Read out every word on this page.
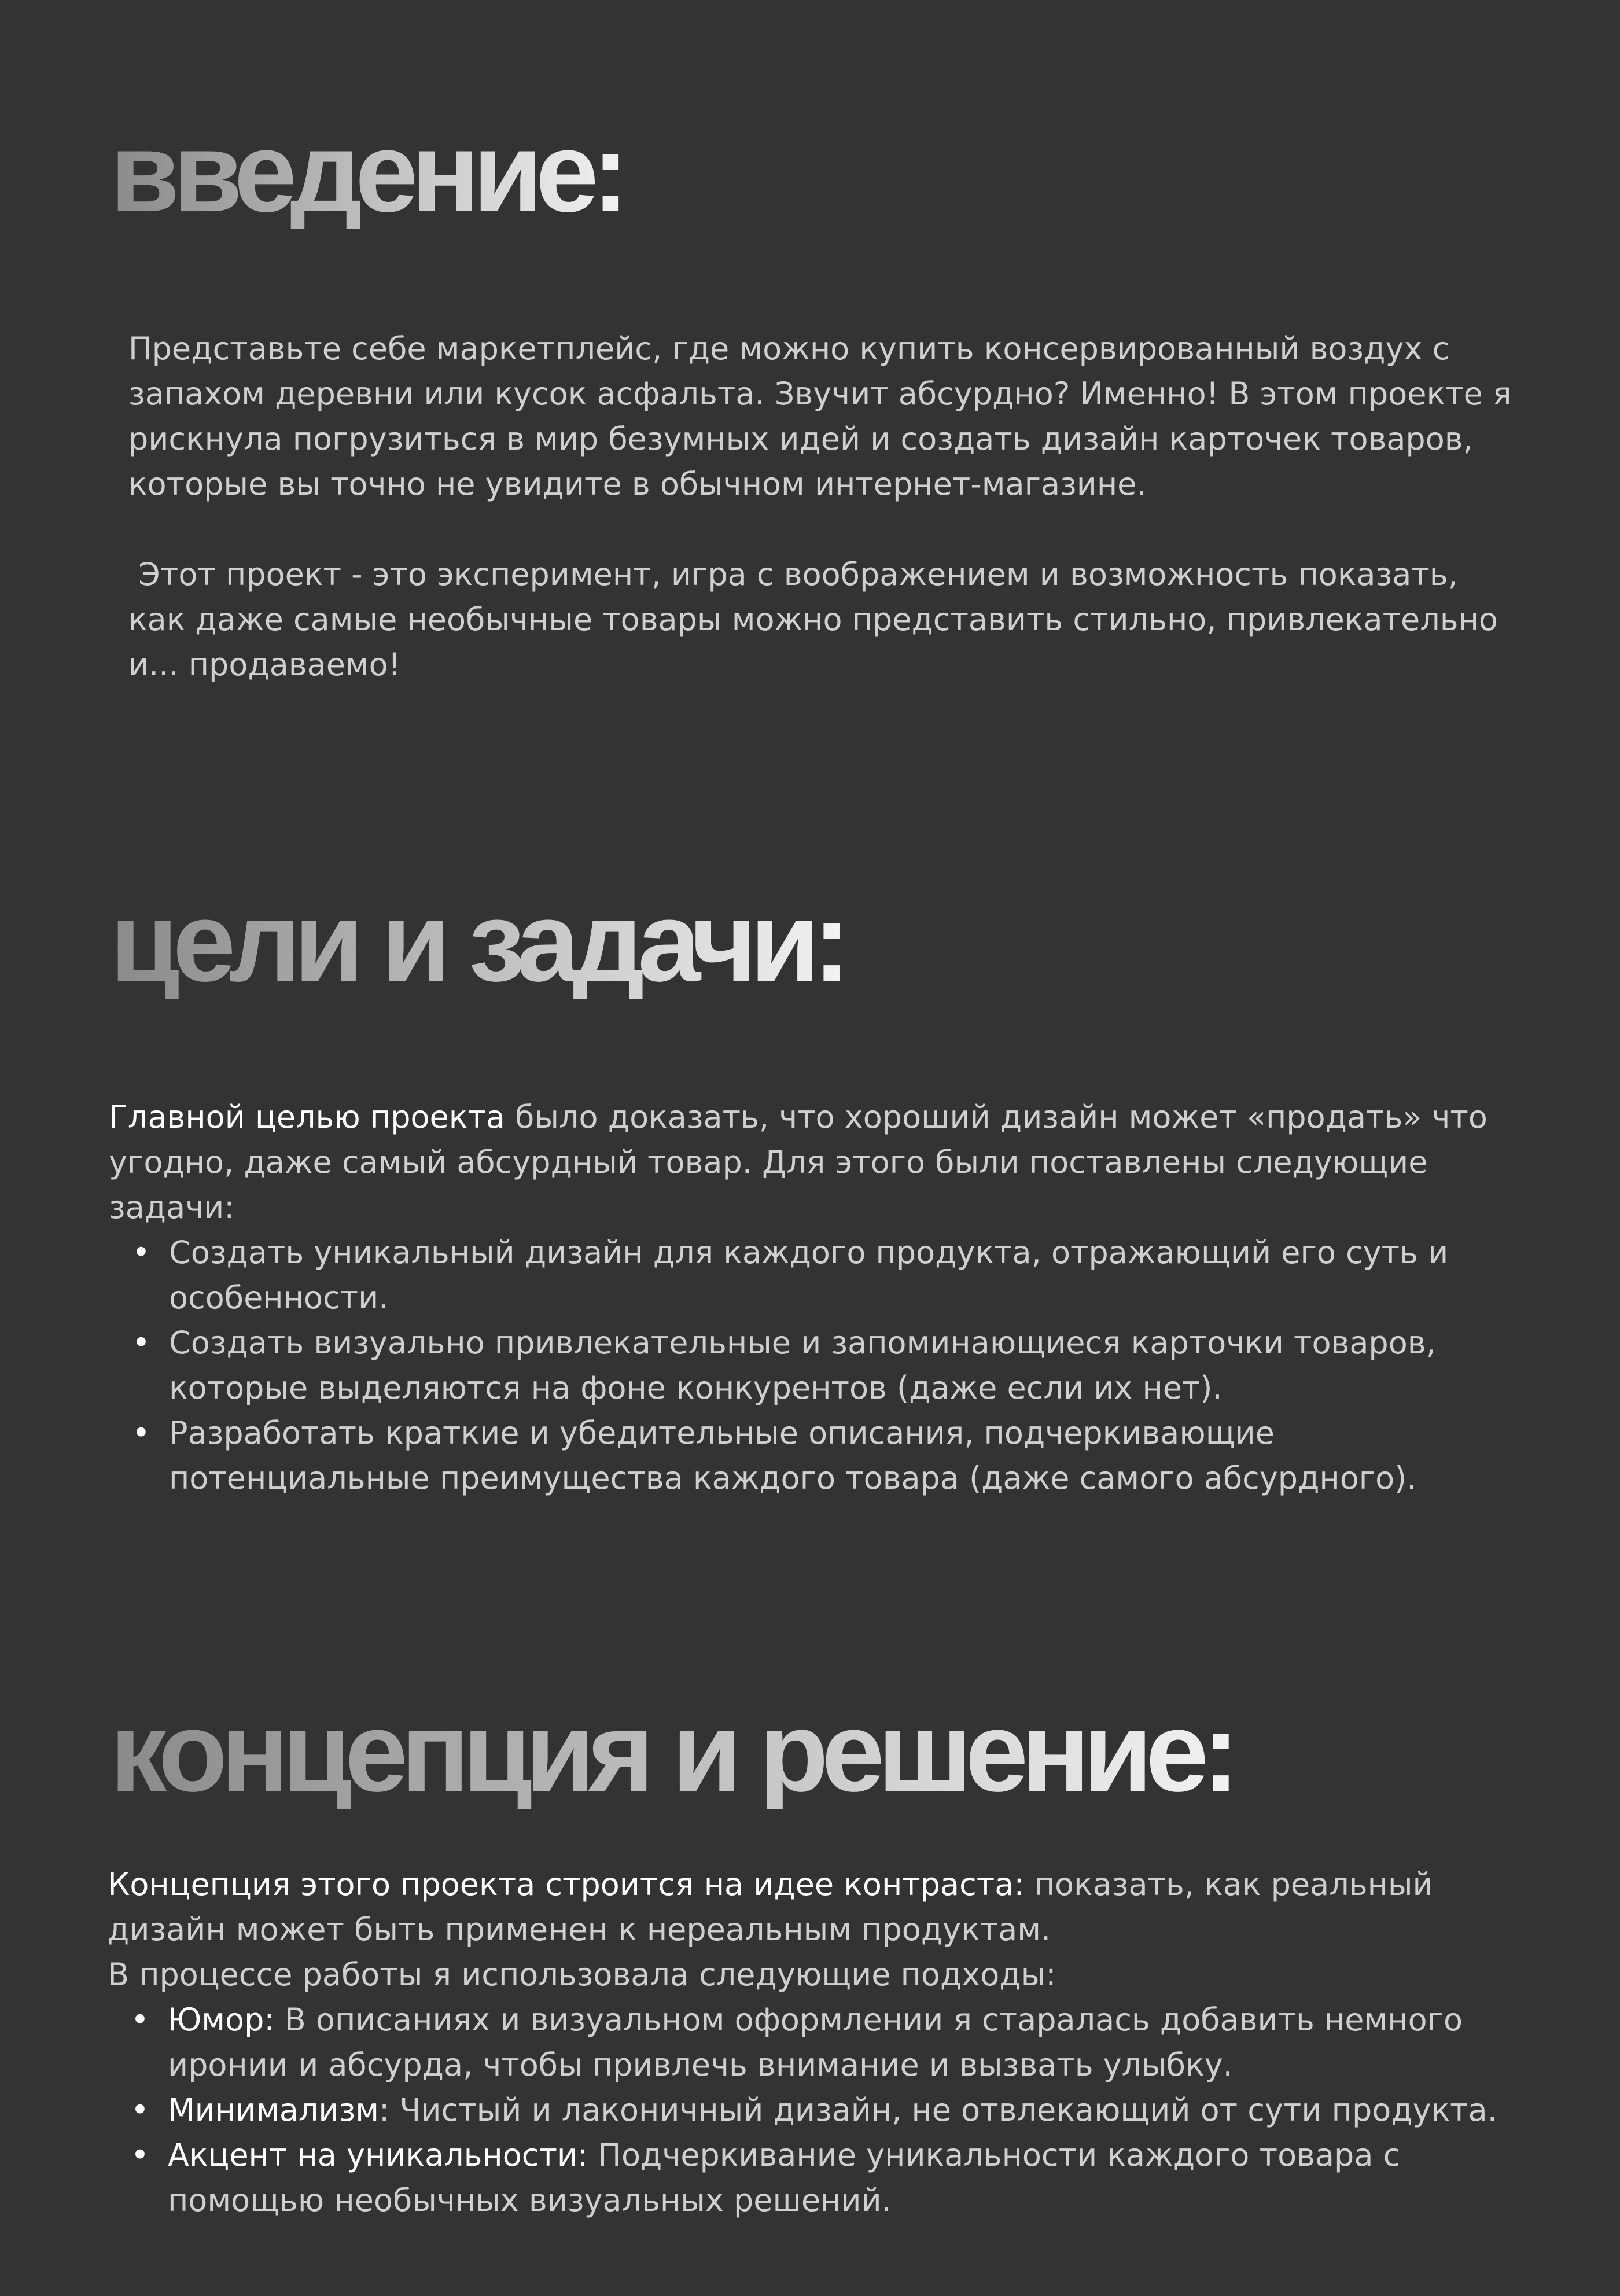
введение:

Представьте себе маркетплейс, где можно купить консервированный воздух с запахом деревни или кусок асфальта. Звучит абсурдно? Именно! В этом проекте я рискнула погрузиться в мир безумных идей и создать дизайн карточек товаров, которые вы точно не увидите в обычном интернет-магазине.

Этот проект - это эксперимент, игра с воображением и возможность показать, как даже самые необычные товары можно представить стильно, привлекательно и... продаваемо!

цели и задачи:

Главной целью проекта было доказать, что хороший дизайн может «продать» что угодно, даже самый абсурдный товар. Для этого были поставлены следующие задачи:

• Создать уникальный дизайн для каждого продукта, отражающий его суть и особенности.
• Создать визуально привлекательные и запоминающиеся карточки товаров, которые выделяются на фоне конкурентов (даже если их нет).
• Разработать краткие и убедительные описания, подчеркивающие потенциальные преимущества каждого товара (даже самого абсурдного).
концепция и решение:

Концепция этого проекта строится на идее контраста: показать, как реальный дизайн может быть применен к нереальным продуктам.
В процессе работы я использовала следующие подходы:

• Юмор: В описаниях и визуальном оформлении я старалась добавить немного иронии и абсурда, чтобы привлечь внимание и вызвать улыбку.
• Минимализм: Чистый и лаконичный дизайн, не отвлекающий от сути продукта.
• Акцент на уникальности: Подчеркивание уникальности каждого товара с помощью необычных визуальных решений.
